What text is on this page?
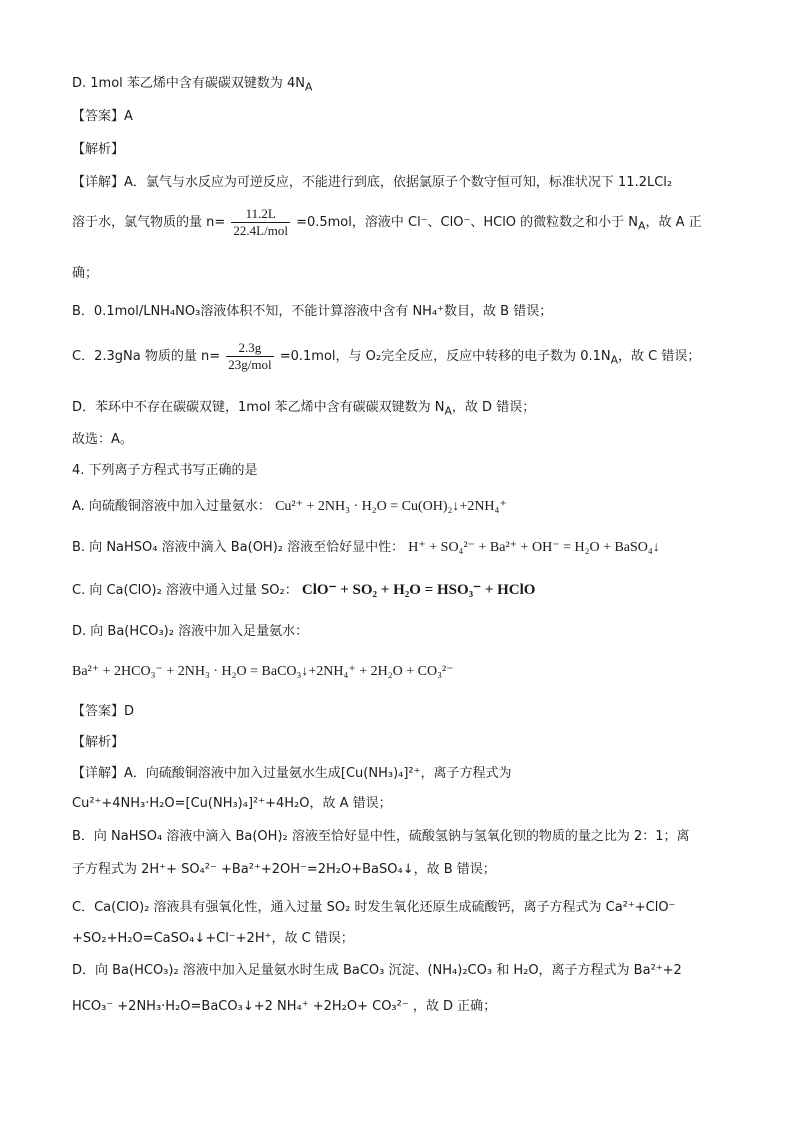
D. 1mol 苯乙烯中含有碳碳双键数为 $4N_A$
【答案】A
【解析】
【详解】A．氯气与水反应为可逆反应，不能进行到底，依据氯原子个数守恒可知，标准状况下 11.2LCl₂
溶于水，氯气物质的量 $n= \frac{11.2L}{\text{22.4L/mol}} =0.5mol$，溶液中 Cl⁻、ClO⁻、HClO 的微粒数之和小于 $N_A$，故 A 正
确；
B．0.1mol/LNH₄NO₃溶液体积不知，不能计算溶液中含有 NH₄⁺数目，故 B 错误；
C．2.3gNa 物质的量 $n= \frac{2.3g}{\text{23g/mol}} =0.1mol$，与 O₂完全反应，反应中转移的电子数为 $0.1N_A$，故 C 错误；
D．苯环中不存在碳碳双键，1mol 苯乙烯中含有碳碳双键数为 $N_A$，故 D 错误；
故选：A。
4. 下列离子方程式书写正确的是
A. 向硫酸铜溶液中加入过量氨水： Cu²⁺ + 2NH₃ · H₂O = Cu(OH)₂↓+2NH₄⁺
B. 向 NaHSO₄ 溶液中滴入 Ba(OH)₂ 溶液至恰好显中性： H⁺ + SO₄²⁻ + Ba²⁺ + OH⁻ = H₂O + BaSO₄↓
C. 向 Ca(ClO)₂ 溶液中通入过量 SO₂： ClO⁻ + SO₂ + H₂O = HSO₃⁻ + HClO
D. 向 Ba(HCO₃)₂ 溶液中加入足量氨水：
Ba²⁺ + 2HCO₃⁻ + 2NH₃ · H₂O = BaCO₃↓+2NH₄⁺ + 2H₂O + CO₃²⁻
【答案】D
【解析】
【详解】A．向硫酸铜溶液中加入过量氨水生成[Cu(NH₃)₄]²⁺，离子方程式为
Cu²⁺+4NH₃·H₂O=[Cu(NH₃)₄]²⁺+4H₂O，故 A 错误；
B．向 NaHSO₄ 溶液中滴入 Ba(OH)₂ 溶液至恰好显中性，硫酸氢钠与氢氧化钡的物质的量之比为 2：1；离
子方程式为 2H⁺+ SO₄²⁻ +Ba²⁺+2OH⁻=2H₂O+BaSO₄↓，故 B 错误；
C．Ca(ClO)₂ 溶液具有强氧化性，通入过量 SO₂ 时发生氧化还原生成硫酸钙，离子方程式为 Ca²⁺+ClO⁻
+SO₂+H₂O=CaSO₄↓+Cl⁻+2H⁺，故 C 错误；
D．向 Ba(HCO₃)₂ 溶液中加入足量氨水时生成 BaCO₃ 沉淀、(NH₄)₂CO₃ 和 H₂O，离子方程式为 Ba²⁺+2
HCO₃⁻ +2NH₃·H₂O=BaCO₃↓+2 NH₄⁺ +2H₂O+ CO₃²⁻ ，故 D 正确；
